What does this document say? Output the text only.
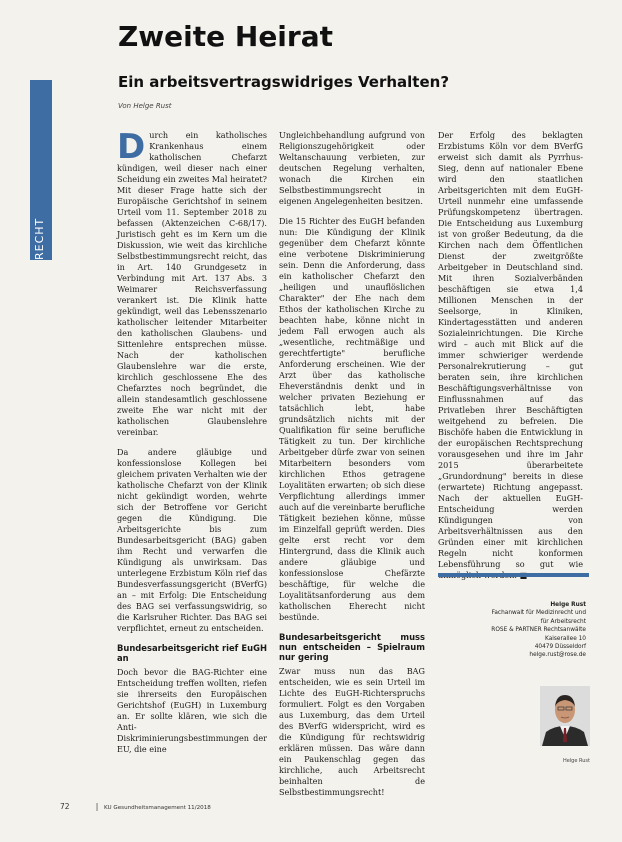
RECHT
Zweite Heirat
Ein arbeitsvertragswidriges Verhalten?
Von Helge Rust

Durch ein katholisches Krankenhaus einem katholischen Chefarzt kündigen, weil dieser nach einer Scheidung ein zweites Mal heiratet? Mit dieser Frage hatte sich der Europäische Gerichtshof in seinem Urteil vom 11. September 2018 zu befassen (Aktenzeichen C-68/17). Juristisch geht es im Kern um die Diskussion, wie weit das kirchliche Selbstbestimmungsrecht reicht, das in Art. 140 Grundgesetz in Verbindung mit Art. 137 Abs. 3 Weimarer Reichsverfassung verankert ist. Die Klinik hatte gekündigt, weil das Lebensszenario katholischer leitender Mitarbeiter den katholischen Glaubens- und Sittenlehre entsprechen müsse. Nach der katholischen Glaubenslehre war die erste, kirchlich geschlossene Ehe des Chefarztes noch begründet, die allein standesamtlich geschlossene zweite Ehe war nicht mit der katholischen Glaubenslehre vereinbar.

Da andere gläubige und konfessionslose Kollegen bei gleichem privaten Verhalten wie der katholische Chefarzt von der Klinik nicht gekündigt worden, wehrte sich der Betroffene vor Gericht gegen die Kündigung. Die Arbeitsgerichte bis zum Bundesarbeitsgericht (BAG) gaben ihm Recht und verwarfen die Kündigung als unwirksam. Das unterlegene Erzbistum Köln rief das Bundesverfassungsgericht (BVerfG) an – mit Erfolg: Die Entscheidung des BAG sei verfassungswidrig, so die Karlsruher Richter. Das BAG sei verpflichtet, erneut zu entscheiden.

Bundesarbeitsgericht rief EuGH an

Doch bevor die BAG-Richter eine Entscheidung treffen wollten, riefen sie ihrerseits den Europäischen Gerichtshof (EuGH) in Luxemburg an. Er sollte klären, wie sich die Anti-Diskriminierungsbestimmungen der EU, die eine

Ungleichbehandlung aufgrund von Religionszugehörigkeit oder Weltanschauung verbieten, zur deutschen Regelung verhalten, wonach die Kirchen ein Selbstbestimmungsrecht in eigenen Angelegenheiten besitzen.

Die 15 Richter des EuGH befanden nun: Die Kündigung der Klinik gegenüber dem Chefarzt könnte eine verbotene Diskriminierung sein. Denn die Anforderung, dass ein katholischer Chefarzt den „heiligen und unauflöslichen Charakter" der Ehe nach dem Ethos der katholischen Kirche zu beachten habe, könne nicht in jedem Fall erwogen auch als „wesentliche, rechtmäßige und gerechtfertigte" berufliche Anforderung erscheinen. Wie der Arzt über das katholische Eheverständnis denkt und in welcher privaten Beziehung er tatsächlich lebt, habe grundsätzlich nichts mit der Qualifikation für seine berufliche Tätigkeit zu tun. Der kirchliche Arbeitgeber dürfe zwar von seinen Mitarbeitern besonders vom kirchlichen Ethos getragene Loyalitäten erwarten; ob sich diese Verpflichtung allerdings immer auch auf die vereinbarte berufliche Tätigkeit beziehen könne, müsse im Einzelfall geprüft werden. Dies gelte erst recht vor dem Hintergrund, dass die Klinik auch andere gläubige und konfessionslose Chefärzte beschäftige, für welche die Loyalitätsanforderung aus dem katholischen Eherecht nicht bestünde.

Bundesarbeitsgericht muss nun entscheiden – Spielraum nur gering

Zwar muss nun das BAG entscheiden, wie es sein Urteil im Lichte des EuGH-Richterspruchs formuliert. Folgt es den Vorgaben aus Luxemburg, das dem Urteil des BVerfG widerspricht, wird es die Kündigung für rechtswidrig erklären müssen. Das wäre dann ein Paukenschlag gegen das kirchliche, auch Arbeitsrecht beinhalten de Selbstbestimmungsrecht!

Der Erfolg des beklagten Erzbistums Köln vor dem BVerfG erweist sich damit als Pyrrhus-Sieg, denn auf nationaler Ebene wird den staatlichen Arbeitsgerichten mit dem EuGH-Urteil nunmehr eine umfassende Prüfungskompetenz übertragen. Die Entscheidung aus Luxemburg ist von großer Bedeutung, da die Kirchen nach dem Öffentlichen Dienst der zweitgrößte Arbeitgeber in Deutschland sind. Mit ihren Sozialverbänden beschäftigen sie etwa 1,4 Millionen Menschen in der Seelsorge, in Kliniken, Kindertagesstätten und anderen Sozialeinrichtungen. Die Kirche wird – auch mit Blick auf die immer schwieriger werdende Personalrekrutierung – gut beraten sein, ihre kirchlichen Beschäftigungsverhältnisse von Einflussnahmen auf das Privatleben ihrer Beschäftigten weitgehend zu befreien. Die Bischöfe haben die Entwicklung in der europäischen Rechtsprechung vorausgesehen und ihre im Jahr 2015 überarbeitete „Grundordnung" bereits in diese (erwartete) Richtung angepasst. Nach der aktuellen EuGH-Entscheidung werden Kündigungen von Arbeitsverhältnissen aus den Gründen einer mit kirchlichen Regeln nicht konformen Lebensführung so gut wie

Helge Rust
Fachanwalt für Medizinrecht und
für Arbeitsrecht
ROSE & PARTNER Rechtsanwälte
Kaiserallee 10
40479 Düsseldorf
helge.rust@rose.de
Helge Rust
72	| KU Gesundheitsmanagement 11/2018
